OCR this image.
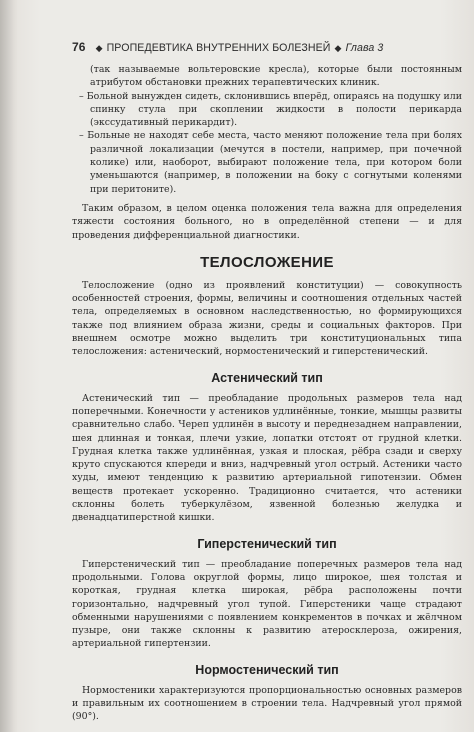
76 ◆ ПРОПЕДЕВТИКА ВНУТРЕННИХ БОЛЕЗНЕЙ ◆ Глава 3
(так называемые вольтеровские кресла), которые были постоянным атрибутом обстановки прежних терапевтических клиник.
– Больной вынужден сидеть, склонившись вперёд, опираясь на подушку или спинку стула при скоплении жидкости в полости перикарда (экссудативный перикардит).
– Больные не находят себе места, часто меняют положение тела при болях различной локализации (мечутся в постели, например, при почечной колике) или, наоборот, выбирают положение тела, при котором боли уменьшаются (например, в положении на боку с согнутыми коленями при перитоните).

Таким образом, в целом оценка положения тела важна для определения тяжести состояния больного, но в определённой степени — и для проведения дифференциальной диагностики.

ТЕЛОСЛОЖЕНИЕ

Телосложение (одно из проявлений конституции) — совокупность особенностей строения, формы, величины и соотношения отдельных частей тела, определяемых в основном наследственностью, но формирующихся также под влиянием образа жизни, среды и социальных факторов. При внешнем осмотре можно выделить три конституциональных типа телосложения: астенический, нормостенический и гиперстенический.

Астенический тип

Астенический тип — преобладание продольных размеров тела над поперечными. Конечности у астеников удлинённые, тонкие, мышцы развиты сравнительно слабо. Череп удлинён в высоту и переднезаднем направлении, шея длинная и тонкая, плечи узкие, лопатки отстоят от грудной клетки. Грудная клетка также удлинённая, узкая и плоская, рёбра сзади и сверху круто спускаются кпереди и вниз, надчревный угол острый. Астеники часто худы, имеют тенденцию к развитию артериальной гипотензии. Обмен веществ протекает ускоренно. Традиционно считается, что астеники склонны болеть туберкулёзом, язвенной болезнью желудка и двенадцатиперстной кишки.

Гиперстенический тип

Гиперстенический тип — преобладание поперечных размеров тела над продольными. Голова округлой формы, лицо широкое, шея толстая и короткая, грудная клетка широкая, рёбра расположены почти горизонтально, надчревный угол тупой. Гиперстеники чаще страдают обменными нарушениями с появлением конкрементов в почках и жёлчном пузыре, они также склонны к развитию атеросклероза, ожирения, артериальной гипертензии.

Нормостенический тип

Нормостеники характеризуются пропорциональностью основных размеров и правильным их соотношением в строении тела. Надчревный угол прямой (90°).
